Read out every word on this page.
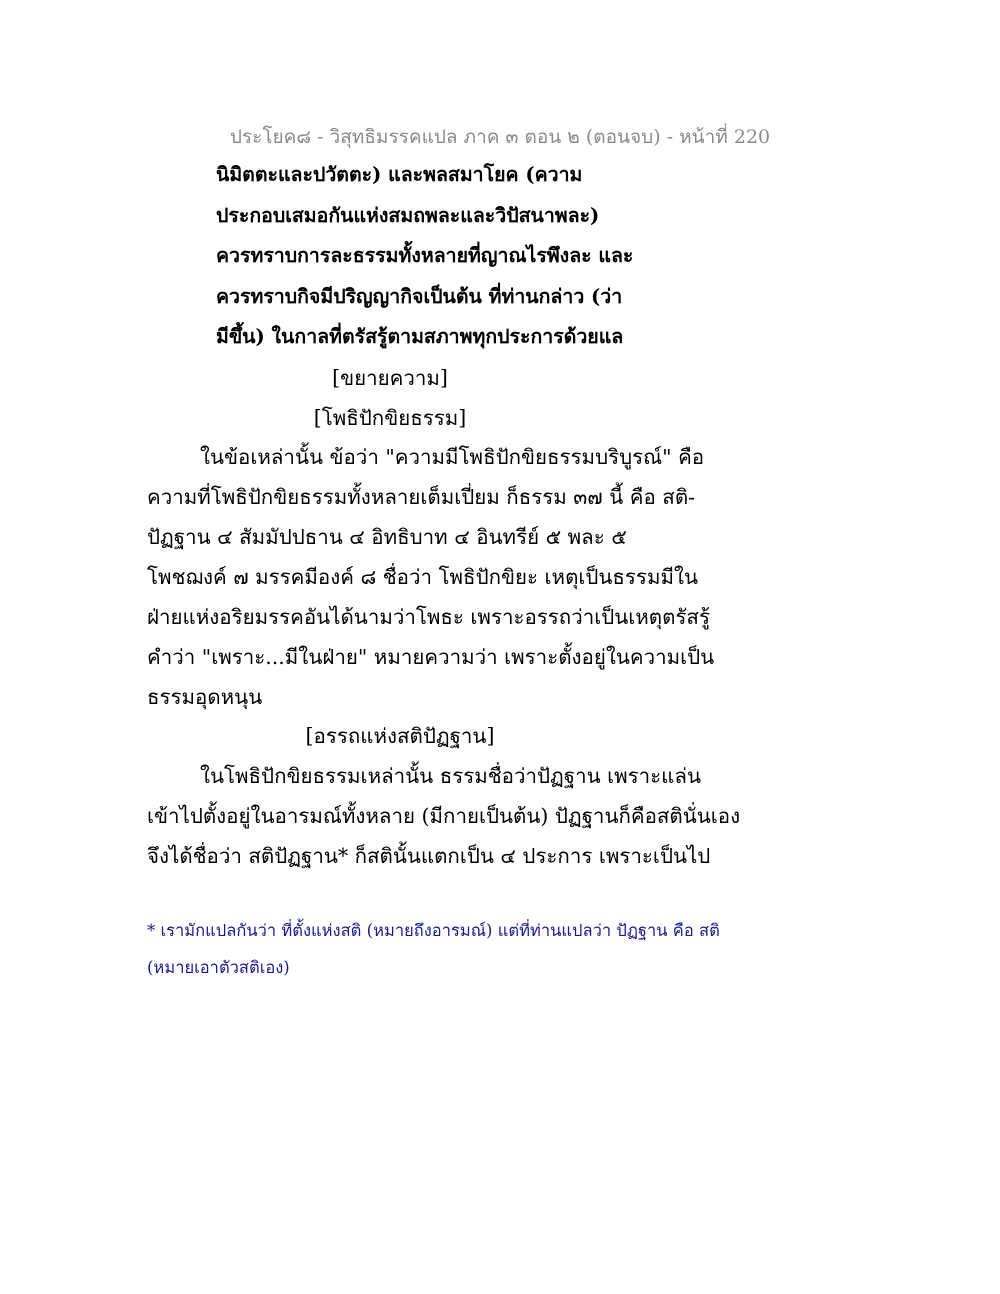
ประโยค๘ - วิสุทธิมรรคแปล ภาค ๓ ตอน ๒ (ตอนจบ) - หน้าที่ 220
นิมิตตะและปวัตตะ) และพลสมาโยค (ความ
ประกอบเสมอกันแห่งสมถพละและวิปัสนาพละ)
ควรทราบการละธรรมทั้งหลายที่ญาณไรพึงละ และ
ควรทราบกิจมีปริญญากิจเป็นต้น ที่ท่านกล่าว (ว่า
มีขึ้น) ในกาลที่ตรัสรู้ตามสภาพทุกประการด้วยแล
[ขยายความ]
[โพธิปักขิยธรรม]
ในข้อเหล่านั้น ข้อว่า "ความมีโพธิปักขิยธรรมบริบูรณ์" คือ
ความที่โพธิปักขิยธรรมทั้งหลายเต็มเปี่ยม ก็ธรรม ๓๗ นี้ คือ สติ-
ปัฏฐาน ๔ สัมมัปปธาน ๔ อิทธิบาท ๔ อินทรีย์ ๕ พละ ๕
โพชฌงค์ ๗ มรรคมีองค์ ๘ ชื่อว่า โพธิปักขิยะ เหตุเป็นธรรมมีใน
ฝ่ายแห่งอริยมรรคอันได้นามว่าโพธะ เพราะอรรถว่าเป็นเหตุตรัสรู้
คำว่า "เพราะ...มีในฝ่าย" หมายความว่า เพราะตั้งอยู่ในความเป็น
ธรรมอุดหนุน
[อรรถแห่งสติปัฏฐาน]
ในโพธิปักขิยธรรมเหล่านั้น ธรรมชื่อว่าปัฏฐาน เพราะแล่น
เข้าไปตั้งอยู่ในอารมณ์ทั้งหลาย (มีกายเป็นต้น) ปัฏฐานก็คือสตินั่นเอง
จึงได้ชื่อว่า สติปัฏฐาน* ก็สตินั้นแตกเป็น ๔ ประการ เพราะเป็นไป
* เรามักแปลกันว่า ที่ตั้งแห่งสติ (หมายถึงอารมณ์) แต่ที่ท่านแปลว่า ปัฏฐาน คือ สติ
(หมายเอาตัวสติเอง)
